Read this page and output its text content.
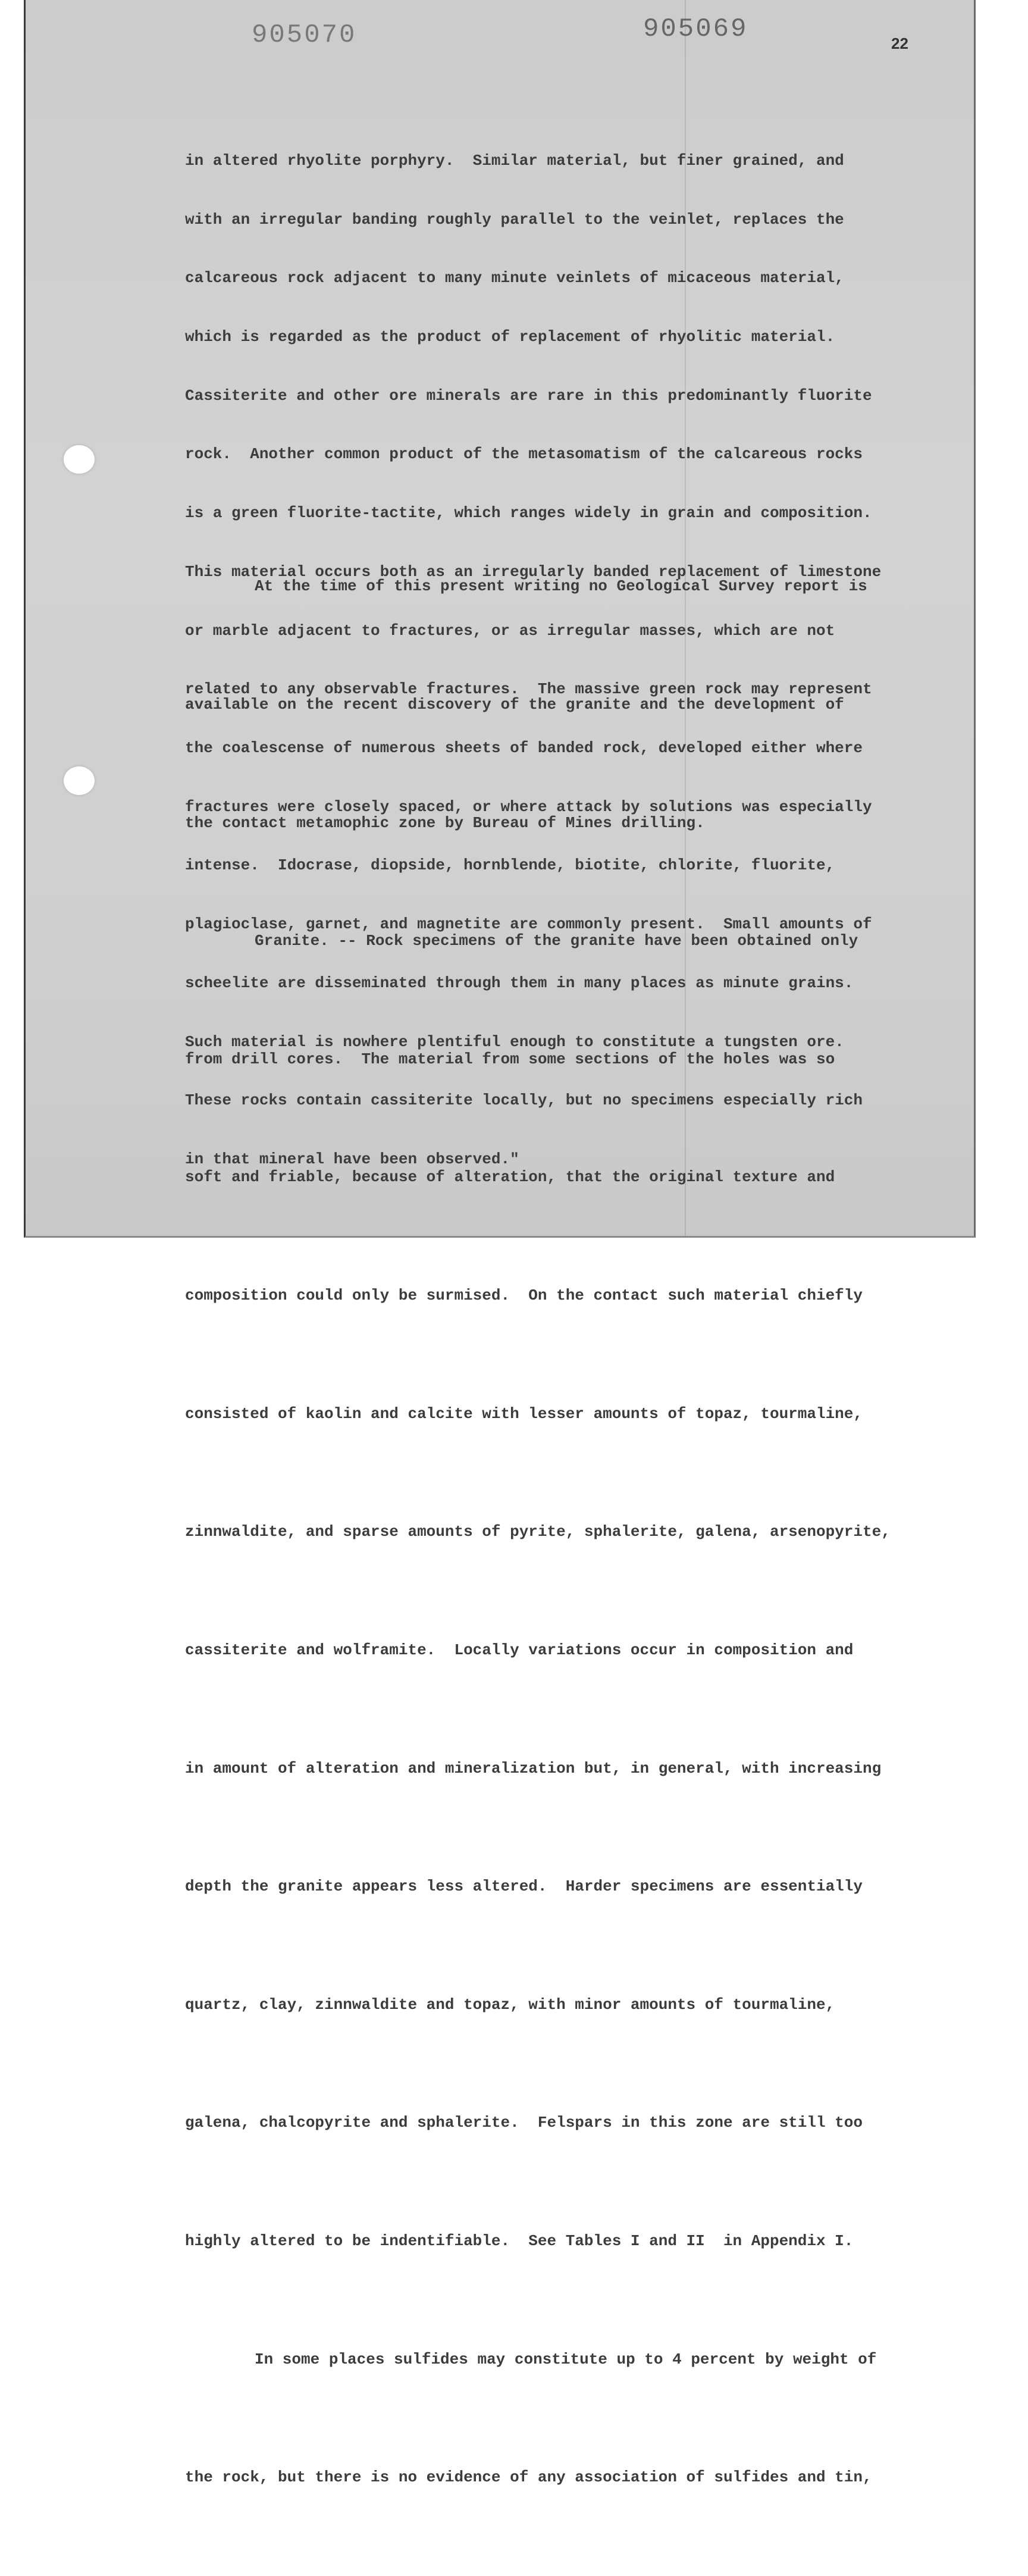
905070	905069	22

in altered rhyolite porphyry.  Similar material, but finer grained, and

with an irregular banding roughly parallel to the veinlet, replaces the

calcareous rock adjacent to many minute veinlets of micaceous material,

which is regarded as the product of replacement of rhyolitic material.

Cassiterite and other ore minerals are rare in this predominantly fluorite

rock.  Another common product of the metasomatism of the calcareous rocks

is a green fluorite-tactite, which ranges widely in grain and composition.

This material occurs both as an irregularly banded replacement of limestone

or marble adjacent to fractures, or as irregular masses, which are not

related to any observable fractures.  The massive green rock may represent

the coalescense of numerous sheets of banded rock, developed either where

fractures were closely spaced, or where attack by solutions was especially

intense.  Idocrase, diopside, hornblende, biotite, chlorite, fluorite,

plagioclase, garnet, and magnetite are commonly present.  Small amounts of

scheelite are disseminated through them in many places as minute grains.

Such material is nowhere plentiful enough to constitute a tungsten ore.

These rocks contain cassiterite locally, but no specimens especially rich

in that mineral have been observed."

At the time of this present writing no Geological Survey report is

available on the recent discovery of the granite and the development of

the contact metamophic zone by Bureau of Mines drilling.

Granite. -- Rock specimens of the granite have been obtained only

from drill cores.  The material from some sections of the holes was so

soft and friable, because of alteration, that the original texture and

composition could only be surmised.  On the contact such material chiefly

consisted of kaolin and calcite with lesser amounts of topaz, tourmaline,

zinnwaldite, and sparse amounts of pyrite, sphalerite, galena, arsenopyrite,

cassiterite and wolframite.  Locally variations occur in composition and

in amount of alteration and mineralization but, in general, with increasing

depth the granite appears less altered.  Harder specimens are essentially

quartz, clay, zinnwaldite and topaz, with minor amounts of tourmaline,

galena, chalcopyrite and sphalerite.  Felspars in this zone are still too

highly altered to be indentifiable.  See Tables I and II  in Appendix I.

In some places sulfides may constitute up to 4 percent by weight of

the rock, but there is no evidence of any association of sulfides and tin,
